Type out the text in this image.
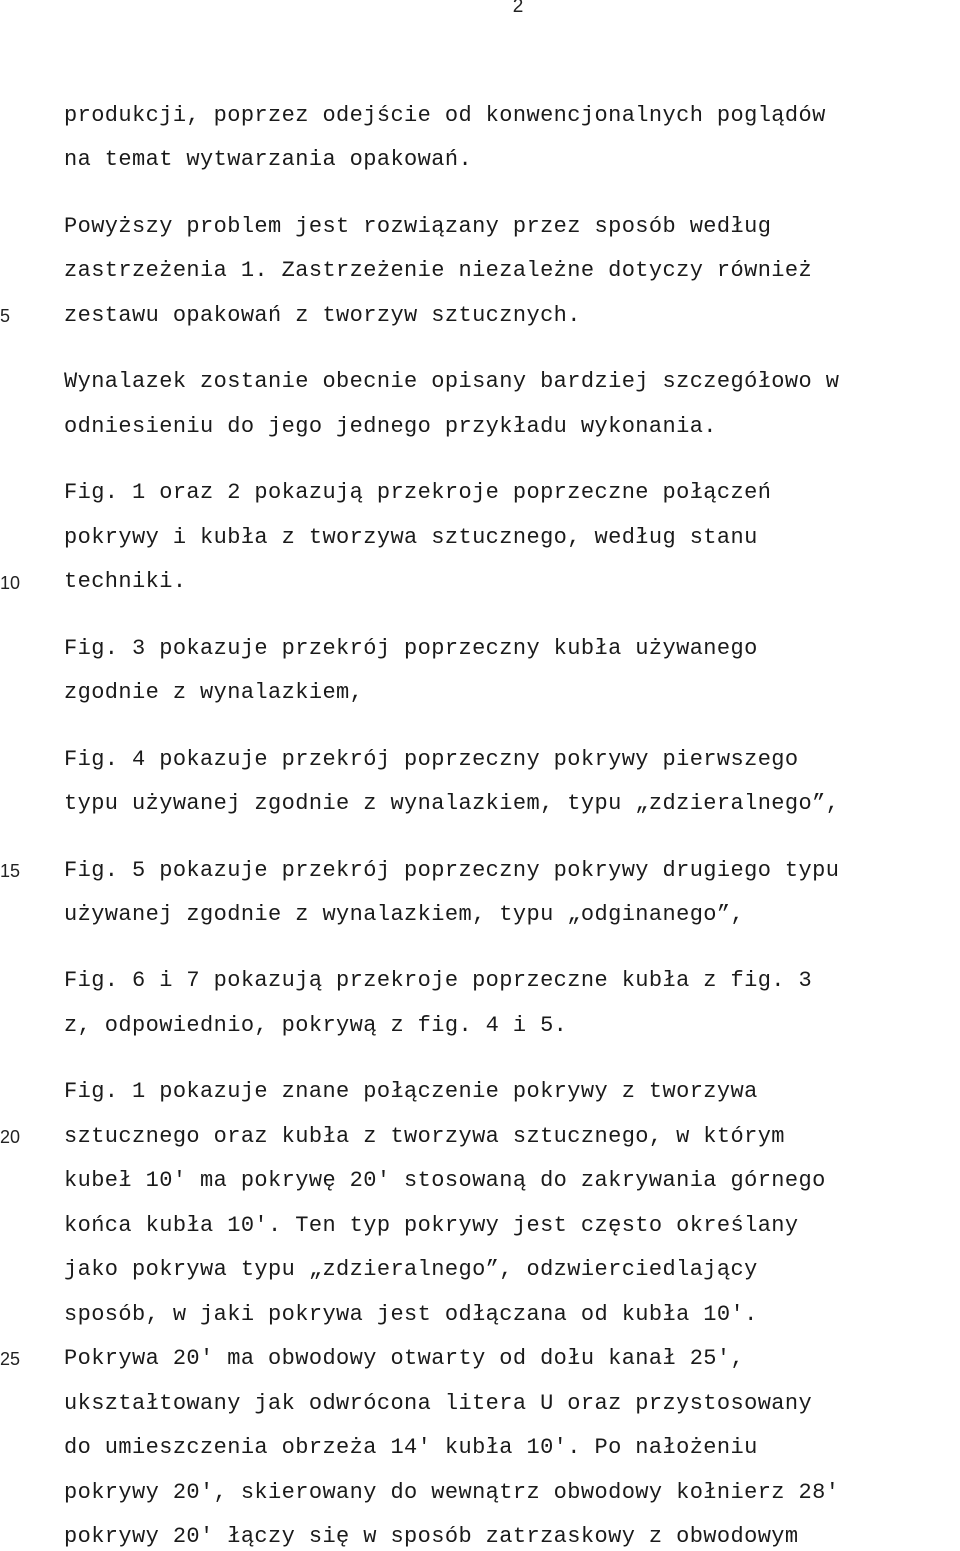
2
5
10
15
20
25
produkcji, poprzez odejście od konwencjonalnych poglądów
na temat wytwarzania opakowań.
Powyższy problem jest rozwiązany przez sposób według
zastrzeżenia 1. Zastrzeżenie niezależne dotyczy również
zestawu opakowań z tworzyw sztucznych.
Wynalazek zostanie obecnie opisany bardziej szczegółowo w
odniesieniu do jego jednego przykładu wykonania.
Fig. 1 oraz 2 pokazują przekroje poprzeczne połączeń
pokrywy i kubła z tworzywa sztucznego, według stanu
techniki.
Fig. 3 pokazuje przekrój poprzeczny kubła używanego
zgodnie z wynalazkiem,
Fig. 4 pokazuje przekrój poprzeczny pokrywy pierwszego
typu używanej zgodnie z wynalazkiem, typu „zdzieralnego”,
Fig. 5 pokazuje przekrój poprzeczny pokrywy drugiego typu
używanej zgodnie z wynalazkiem, typu „odginanego”,
Fig. 6 i 7 pokazują przekroje poprzeczne kubła z fig. 3
z, odpowiednio, pokrywą z fig. 4 i 5.
Fig. 1 pokazuje znane połączenie pokrywy z tworzywa
sztucznego oraz kubła z tworzywa sztucznego, w którym
kubeł 10′ ma pokrywę 20′ stosowaną do zakrywania górnego
końca kubła 10′. Ten typ pokrywy jest często określany
jako pokrywa typu „zdzieralnego”, odzwierciedlający
sposób, w jaki pokrywa jest odłączana od kubła 10′.
Pokrywa 20′ ma obwodowy otwarty od dołu kanał 25′,
ukształtowany jak odwrócona litera U oraz przystosowany
do umieszczenia obrzeża 14′ kubła 10′. Po nałożeniu
pokrywy 20′, skierowany do wewnątrz obwodowy kołnierz 28′
pokrywy 20′ łączy się w sposób zatrzaskowy z obwodowym
